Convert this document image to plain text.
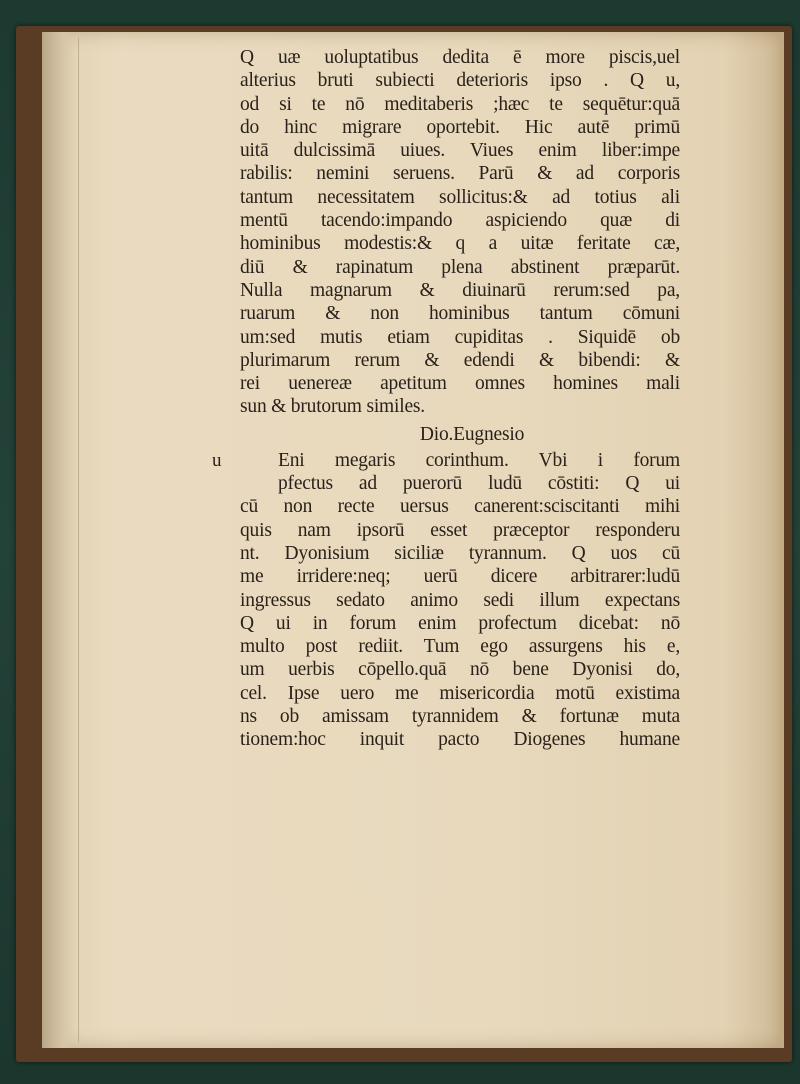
Q uæ uoluptatibus dedita ē more piscis,uel
alterius bruti subiecti deterioris ipso . Q u,
od si te nō meditaberis ;hæc te sequētur:quā
do hinc migrare oportebit. Hic autē primū
uitā dulcissimā uiues. Viues enim liber:impe
rabilis: nemini seruens. Parū & ad corporis
tantum necessitatem sollicitus:& ad totius ali
mentū tacendo:impando aspiciendo quæ di
hominibus modestis:& q a uitæ feritate cæ,
diū & rapinatum plena abstinent præparūt.
Nulla magnarum & diuinarū rerum:sed pa,
ruarum & non hominibus tantum cōmuni
um:sed mutis etiam cupiditas . Siquidē ob
plurimarum rerum & edendi & bibendi: &
rei uenereæ apetitum omnes homines mali
sun & brutorum similes.
Dio.Eugnesio
u	Eni megaris corinthum. Vbi i forum
pfectus ad puerorū ludū cōstiti: Q ui
cū non recte uersus canerent:sciscitanti mihi
quis nam ipsorū esset præceptor responderu
nt. Dyonisium siciliæ tyrannum. Q uos cū
me irridere:neq; uerū dicere arbitrarer:ludū
ingressus sedato animo sedi illum expectans
Q ui in forum enim profectum dicebat: nō
multo post rediit. Tum ego assurgens his e,
um uerbis cōpello.quā nō bene Dyonisi do,
cel. Ipse uero me misericordia motū existima
ns ob amissam tyrannidem & fortunæ muta
tionem:hoc inquit pacto Diogenes humane
